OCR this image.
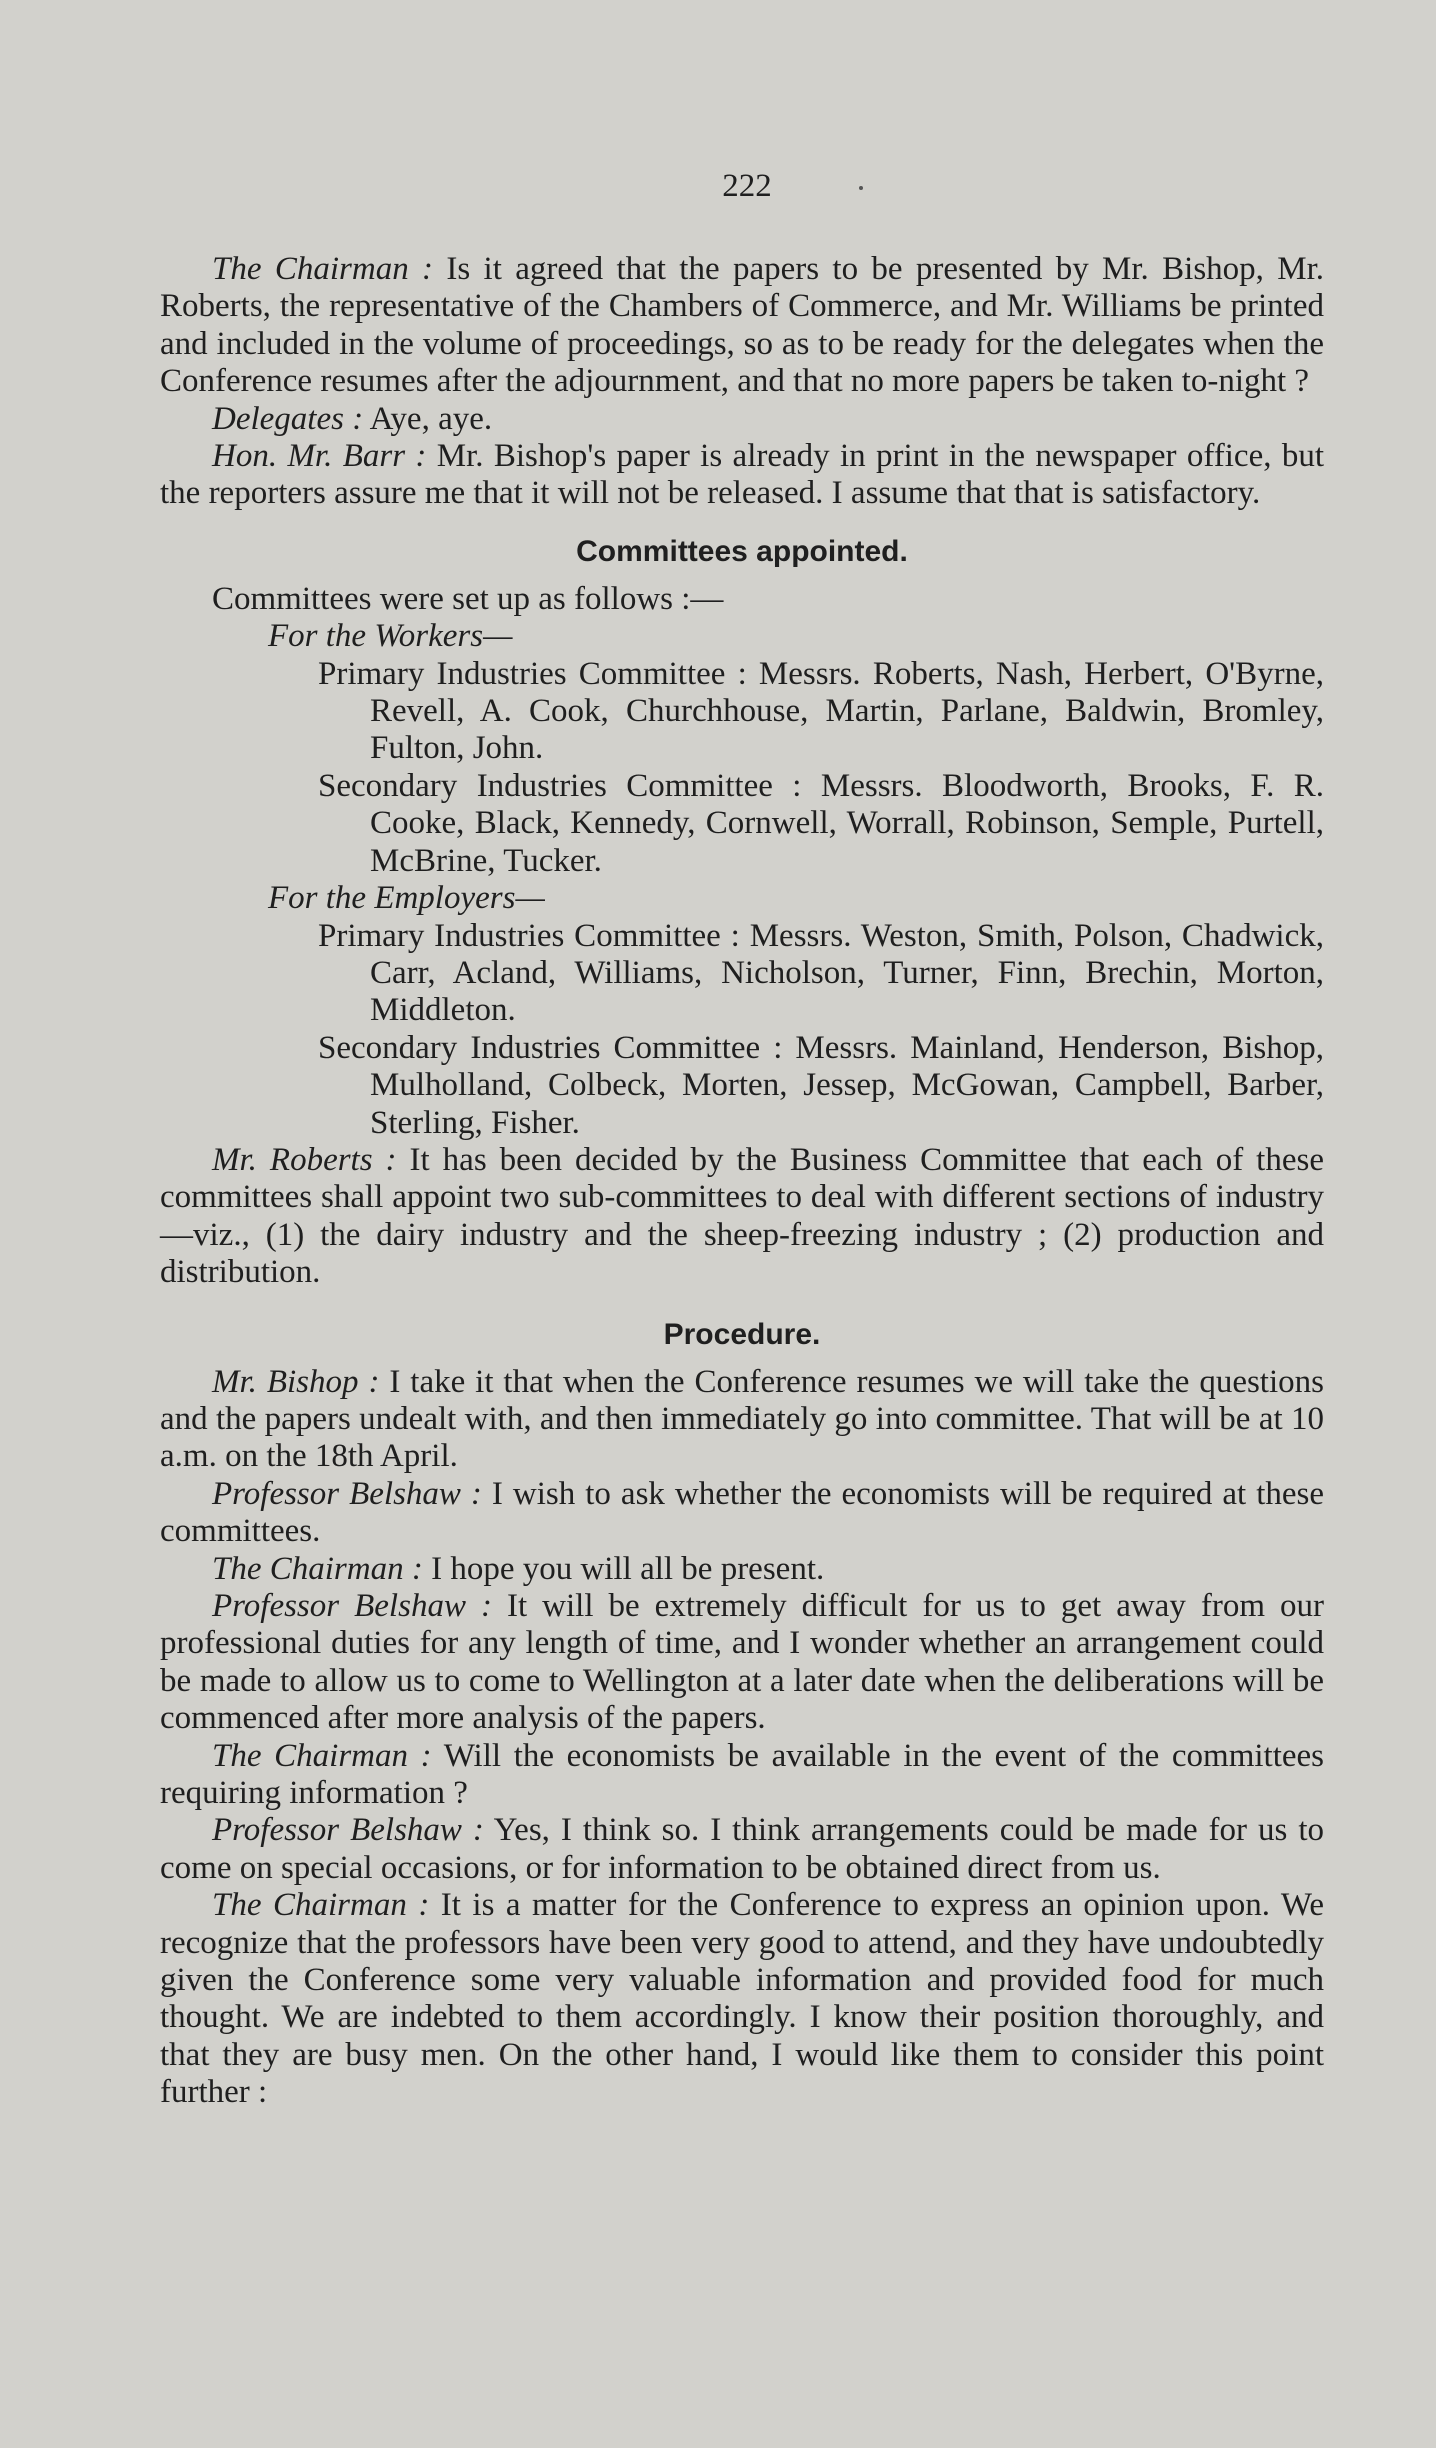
222

The Chairman : Is it agreed that the papers to be presented by Mr. Bishop, Mr. Roberts, the representative of the Chambers of Commerce, and Mr. Williams be printed and included in the volume of proceedings, so as to be ready for the delegates when the Conference resumes after the adjournment, and that no more papers be taken to-night ?

Delegates : Aye, aye.

Hon. Mr. Barr : Mr. Bishop's paper is already in print in the newspaper office, but the reporters assure me that it will not be released. I assume that that is satisfactory.

Committees appointed.

Committees were set up as follows :—

For the Workers—

Primary Industries Committee : Messrs. Roberts, Nash, Herbert, O'Byrne, Revell, A. Cook, Churchhouse, Martin, Parlane, Baldwin, Bromley, Fulton, John.

Secondary Industries Committee : Messrs. Bloodworth, Brooks, F. R. Cooke, Black, Kennedy, Cornwell, Worrall, Robinson, Semple, Purtell, McBrine, Tucker.

For the Employers—

Primary Industries Committee : Messrs. Weston, Smith, Polson, Chadwick, Carr, Acland, Williams, Nicholson, Turner, Finn, Brechin, Morton, Middleton.

Secondary Industries Committee : Messrs. Mainland, Henderson, Bishop, Mulholland, Colbeck, Morten, Jessep, McGowan, Campbell, Barber, Sterling, Fisher.

Mr. Roberts : It has been decided by the Business Committee that each of these committees shall appoint two sub-committees to deal with different sections of industry—viz., (1) the dairy industry and the sheep-freezing industry ; (2) production and distribution.

Procedure.

Mr. Bishop : I take it that when the Conference resumes we will take the questions and the papers undealt with, and then immediately go into committee. That will be at 10 a.m. on the 18th April.

Professor Belshaw : I wish to ask whether the economists will be required at these committees.

The Chairman : I hope you will all be present.

Professor Belshaw : It will be extremely difficult for us to get away from our professional duties for any length of time, and I wonder whether an arrangement could be made to allow us to come to Wellington at a later date when the deliberations will be commenced after more analysis of the papers.

The Chairman : Will the economists be available in the event of the committees requiring information ?

Professor Belshaw : Yes, I think so. I think arrangements could be made for us to come on special occasions, or for information to be obtained direct from us.

The Chairman : It is a matter for the Conference to express an opinion upon. We recognize that the professors have been very good to attend, and they have undoubtedly given the Conference some very valuable information and provided food for much thought. We are indebted to them accordingly. I know their position thoroughly, and that they are busy men. On the other hand, I would like them to consider this point further :
